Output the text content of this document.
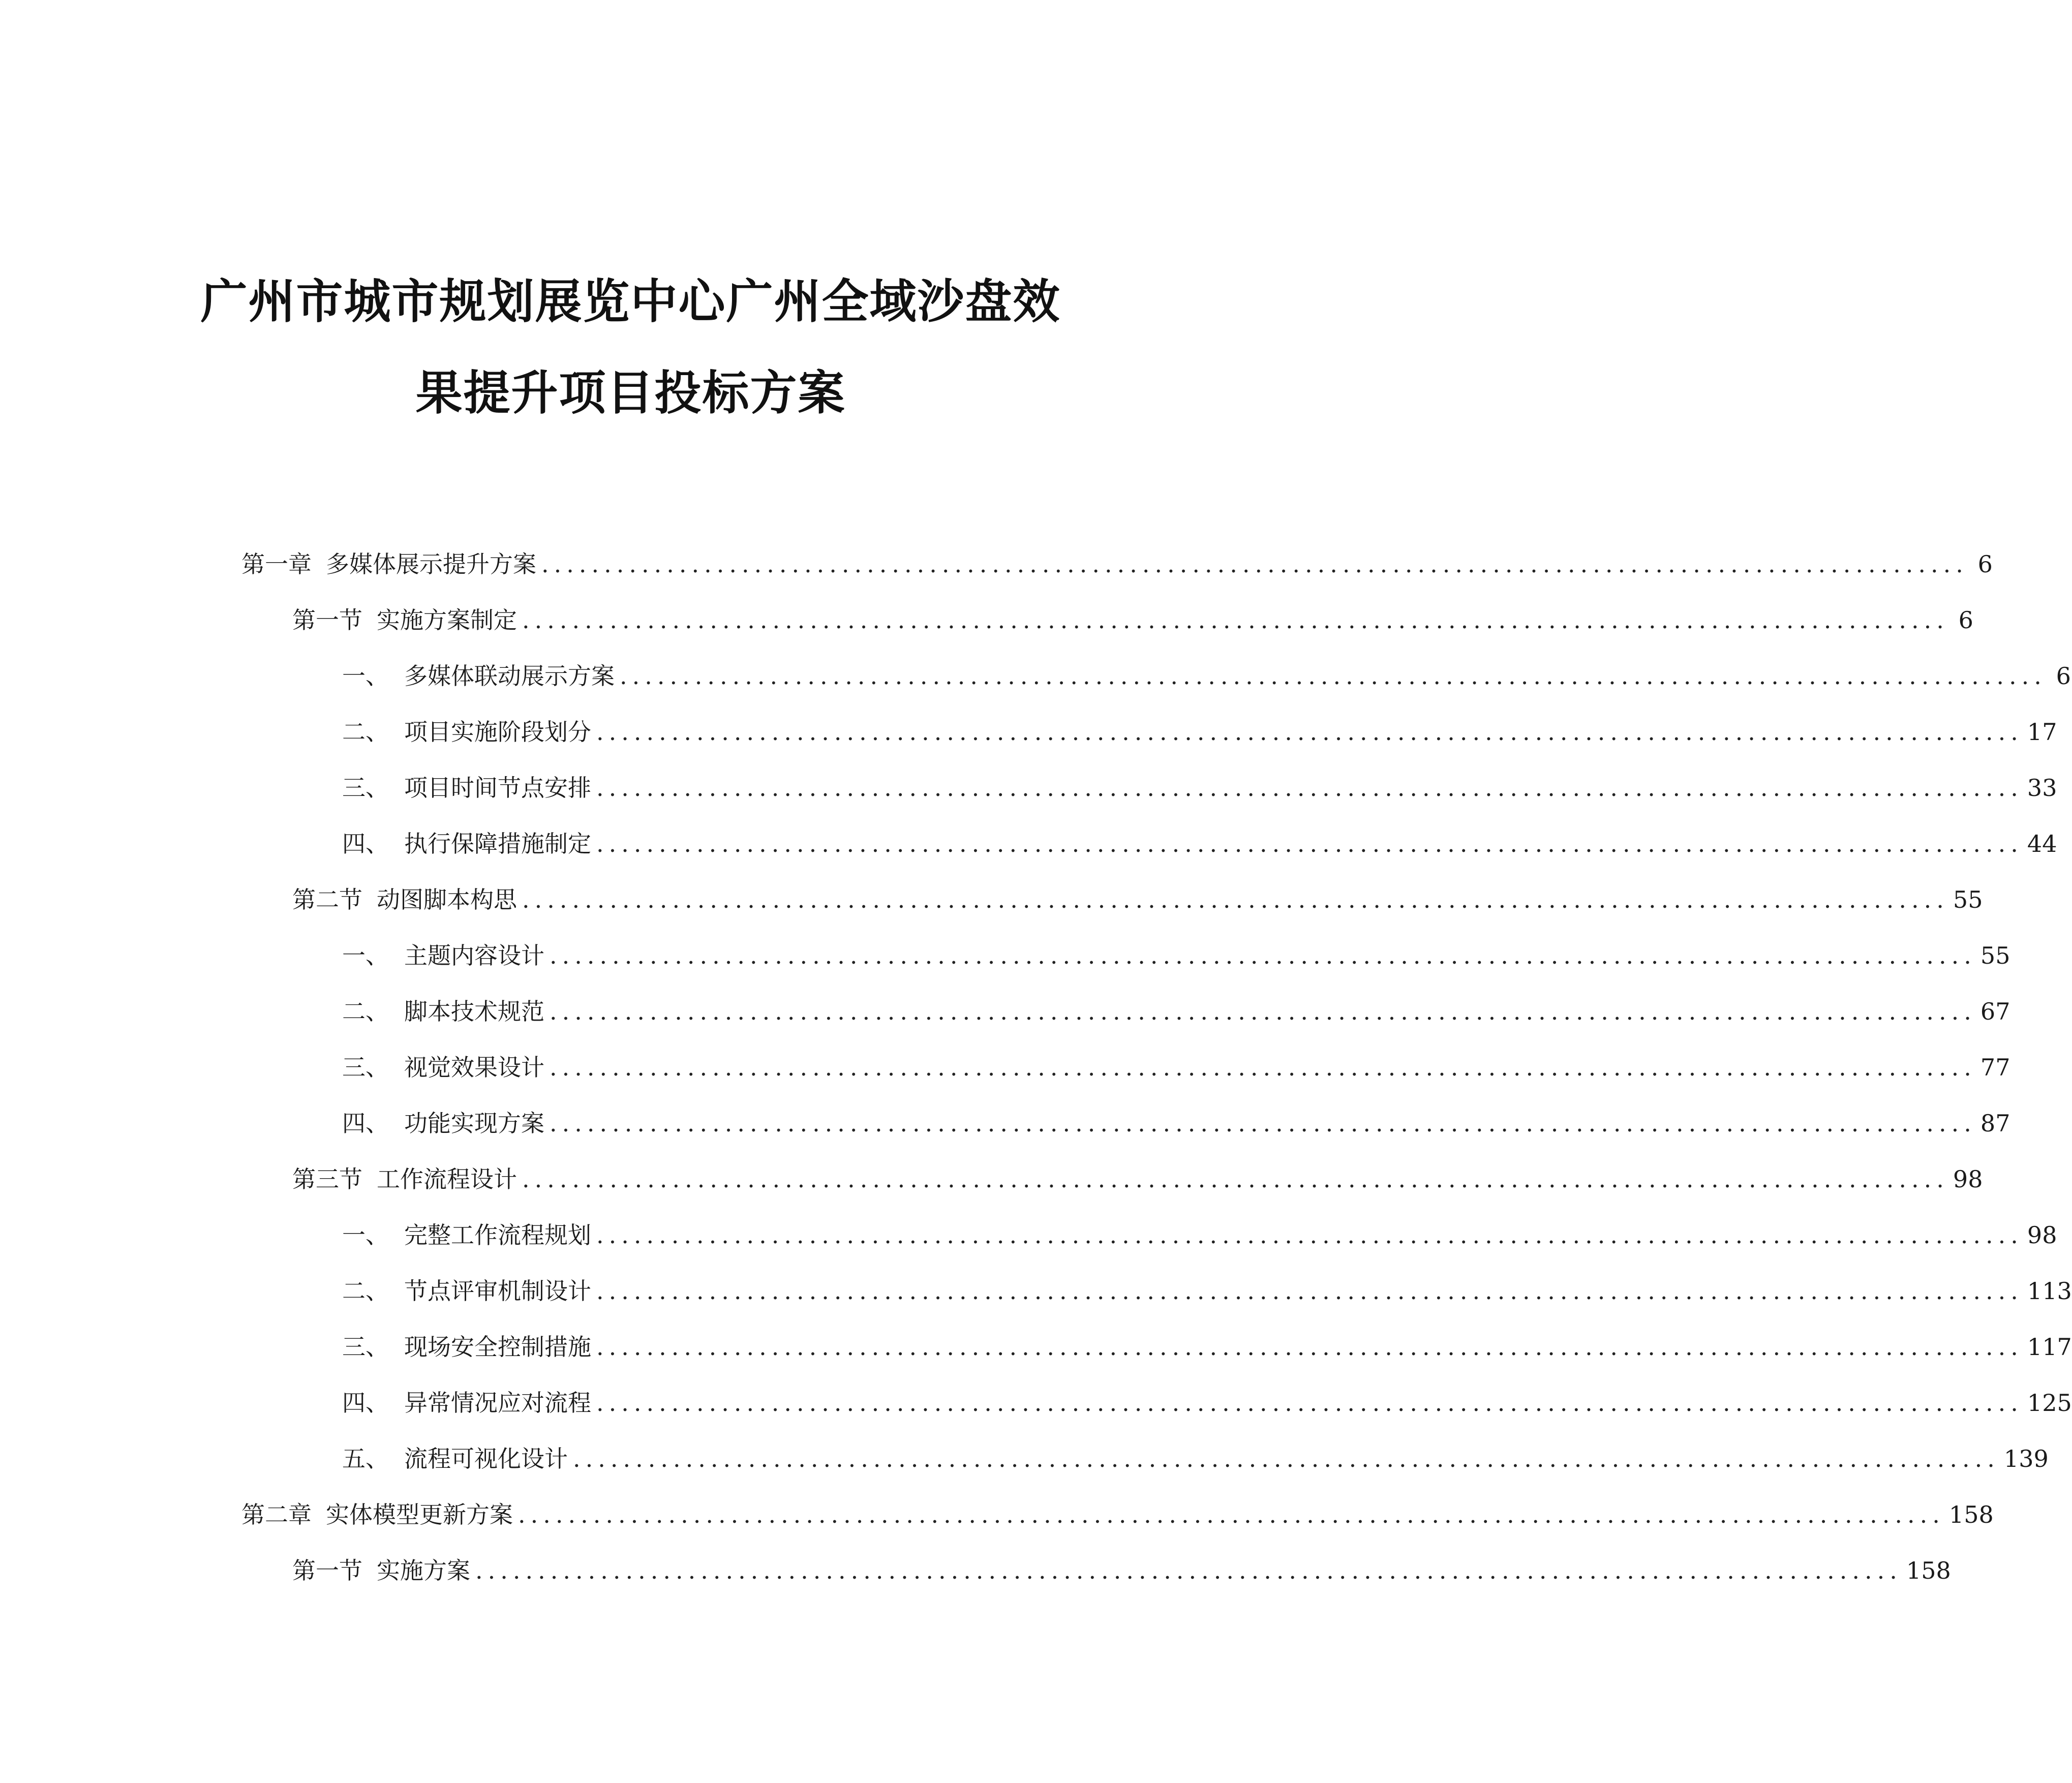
广州市城市规划展览中心广州全域沙盘效
果提升项目投标方案
第一章 多媒体展示提升方案 .................................................................................................................. 6
第一节 实施方案制定 .................................................................................................................. 6
一、 多媒体联动展示方案 .................................................................................................................. 6
二、 项目实施阶段划分 .................................................................................................................. 17
三、 项目时间节点安排 .................................................................................................................. 33
四、 执行保障措施制定 .................................................................................................................. 44
第二节 动图脚本构思 .................................................................................................................. 55
一、 主题内容设计 .................................................................................................................. 55
二、 脚本技术规范 .................................................................................................................. 67
三、 视觉效果设计 .................................................................................................................. 77
四、 功能实现方案 .................................................................................................................. 87
第三节 工作流程设计 .................................................................................................................. 98
一、 完整工作流程规划 .................................................................................................................. 98
二、 节点评审机制设计 .................................................................................................................. 113
三、 现场安全控制措施 .................................................................................................................. 117
四、 异常情况应对流程 .................................................................................................................. 125
五、 流程可视化设计 .................................................................................................................. 139
第二章 实体模型更新方案 .................................................................................................................. 158
第一节 实施方案 .................................................................................................................. 158
